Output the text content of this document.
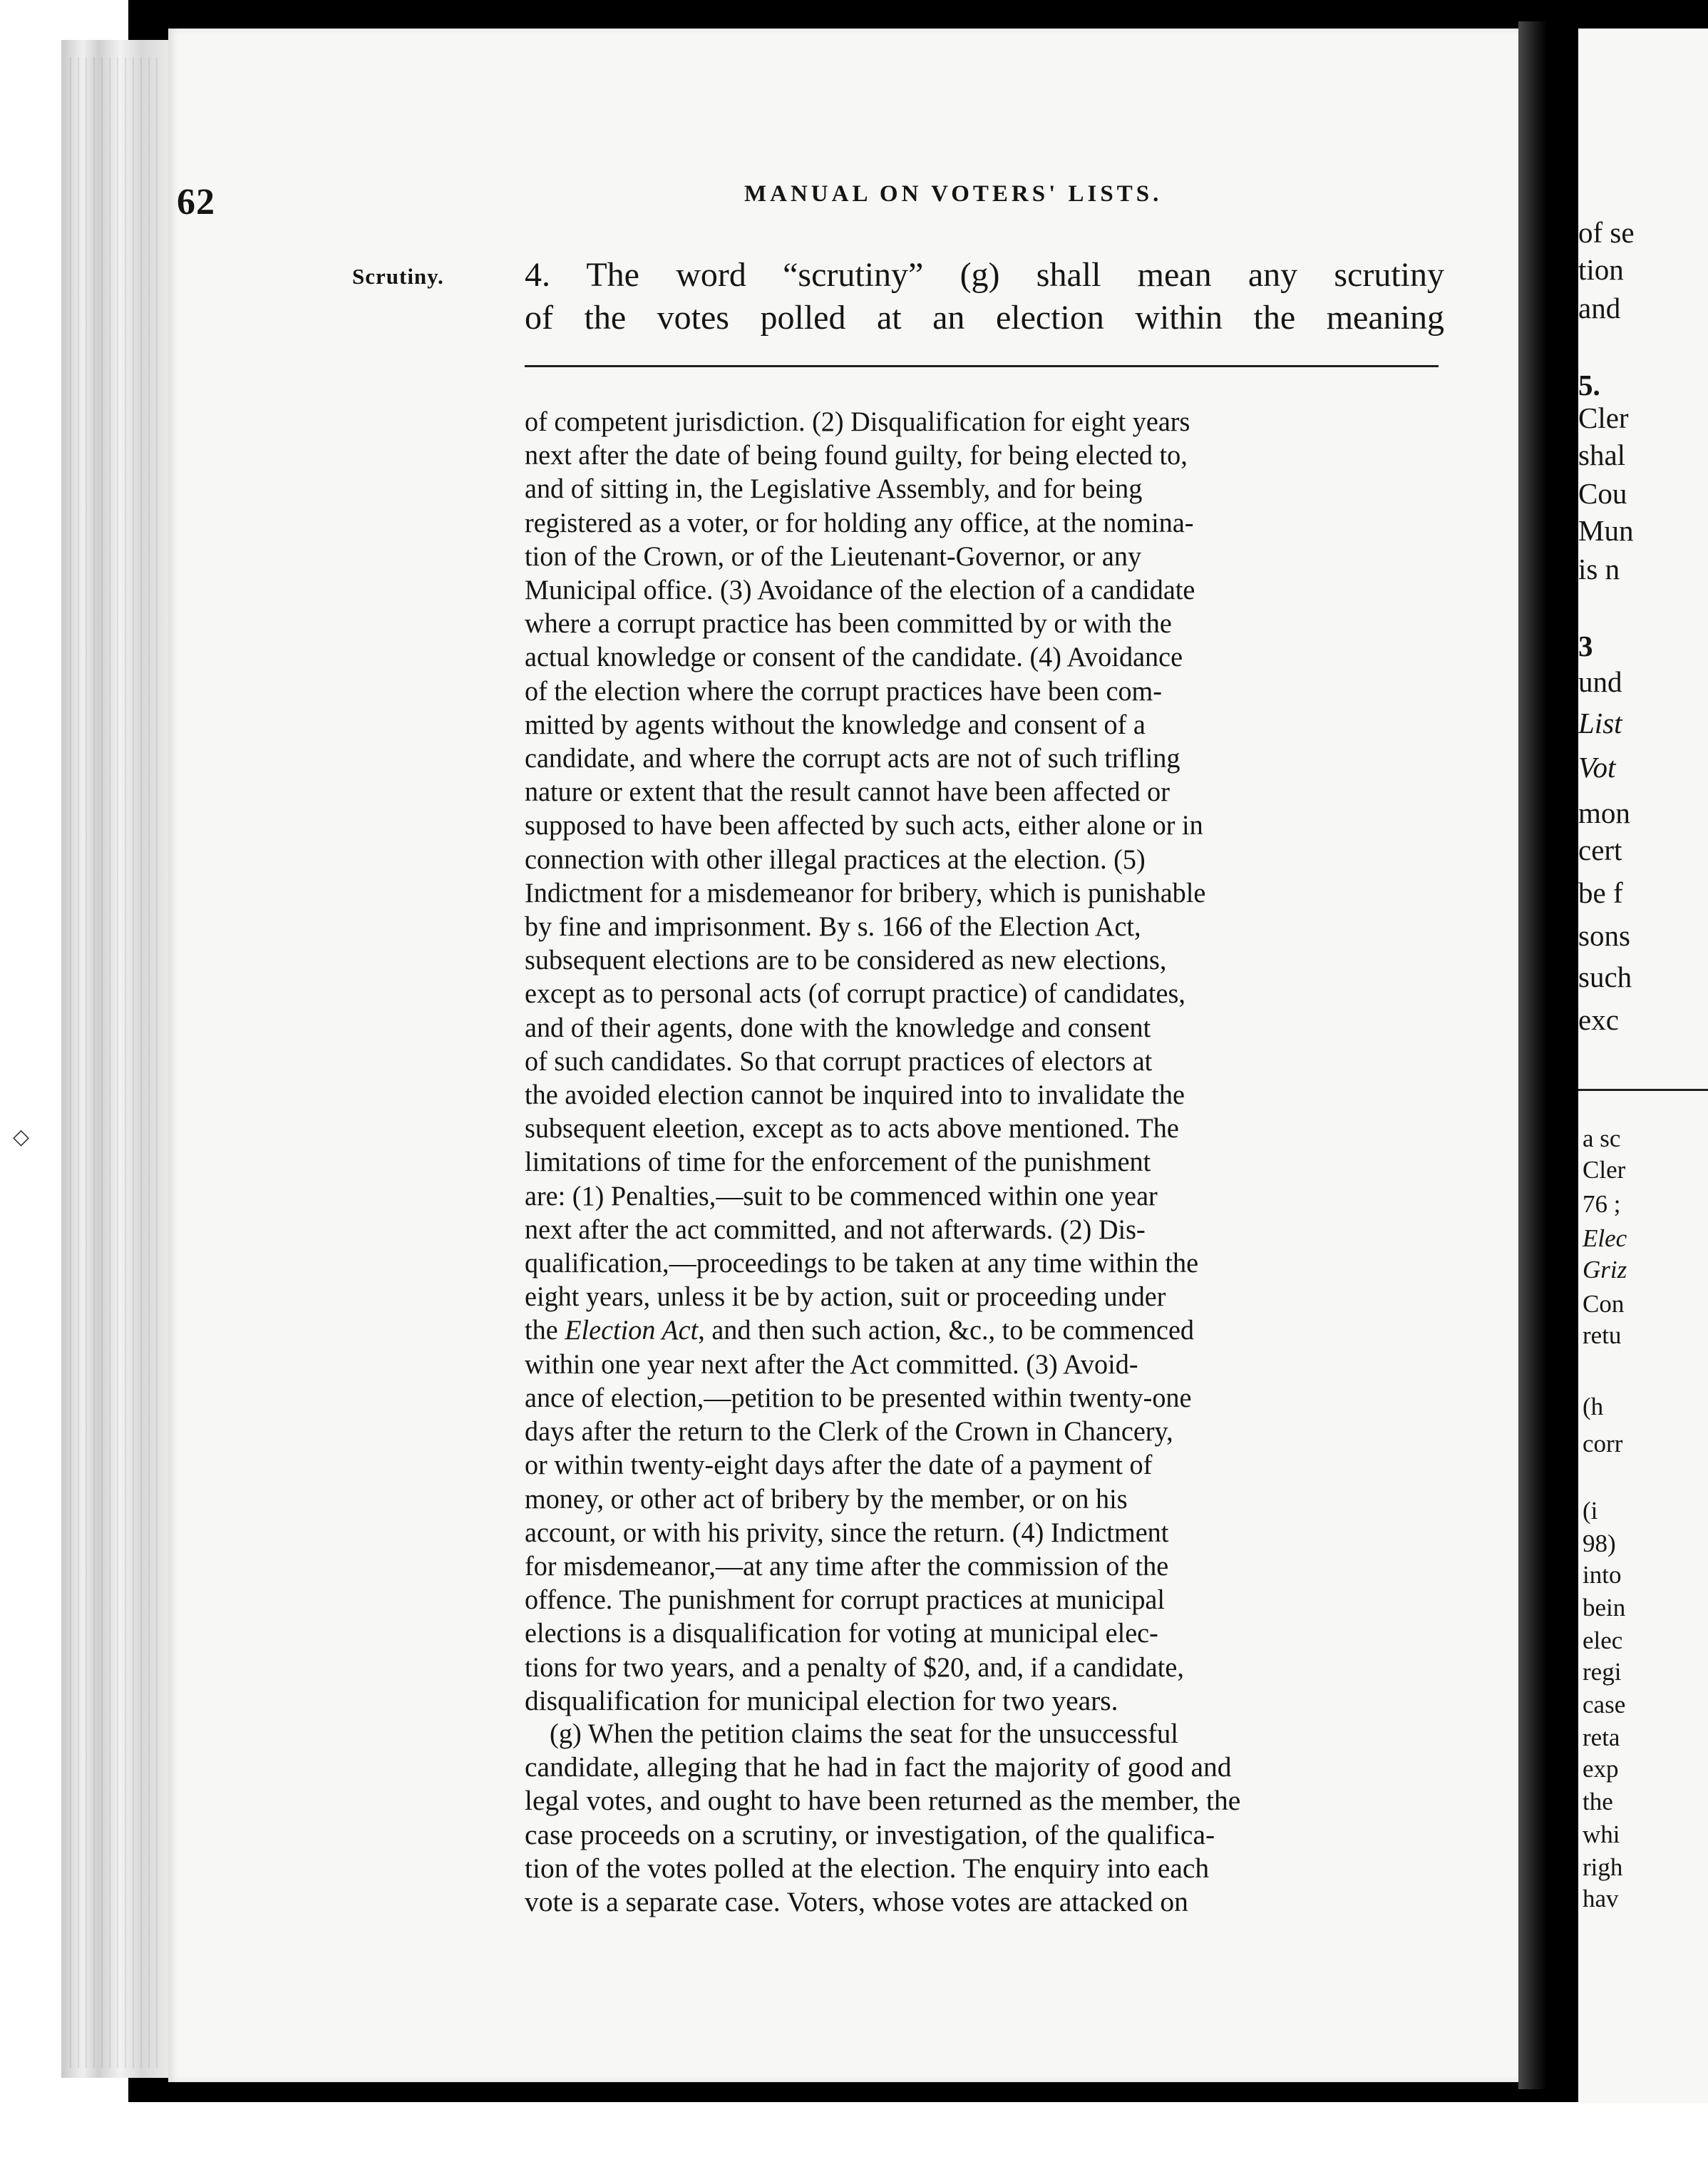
◇
62	MANUAL ON VOTERS' LISTS.
Scrutiny. 4. The word “scrutiny” (g) shall mean any scrutiny
of the votes polled at an election within the meaning
of competent jurisdiction. (2) Disqualification for eight years
next after the date of being found guilty, for being elected to,
and of sitting in, the Legislative Assembly, and for being
registered as a voter, or for holding any office, at the nomina-
tion of the Crown, or of the Lieutenant-Governor, or any
Municipal office. (3) Avoidance of the election of a candidate
where a corrupt practice has been committed by or with the
actual knowledge or consent of the candidate. (4) Avoidance
of the election where the corrupt practices have been com-
mitted by agents without the knowledge and consent of a
candidate, and where the corrupt acts are not of such trifling
nature or extent that the result cannot have been affected or
supposed to have been affected by such acts, either alone or in
connection with other illegal practices at the election. (5)
Indictment for a misdemeanor for bribery, which is punishable
by fine and imprisonment. By s. 166 of the Election Act,
subsequent elections are to be considered as new elections,
except as to personal acts (of corrupt practice) of candidates,
and of their agents, done with the knowledge and consent
of such candidates. So that corrupt practices of electors at
the avoided election cannot be inquired into to invalidate the
subsequent eleetion, except as to acts above mentioned. The
limitations of time for the enforcement of the punishment
are: (1) Penalties,—suit to be commenced within one year
next after the act committed, and not afterwards. (2) Dis-
qualification,—proceedings to be taken at any time within the
eight years, unless it be by action, suit or proceeding under
the Election Act, and then such action, &c., to be commenced
within one year next after the Act committed. (3) Avoid-
ance of election,—petition to be presented within twenty-one
days after the return to the Clerk of the Crown in Chancery,
or within twenty-eight days after the date of a payment of
money, or other act of bribery by the member, or on his
account, or with his privity, since the return. (4) Indictment
for misdemeanor,—at any time after the commission of the
offence. The punishment for corrupt practices at municipal
elections is a disqualification for voting at municipal elec-
tions for two years, and a penalty of $20, and, if a candidate,
disqualification for municipal election for two years.
(g) When the petition claims the seat for the unsuccessful
candidate, alleging that he had in fact the majority of good and
legal votes, and ought to have been returned as the member, the
case proceeds on a scrutiny, or investigation, of the qualifica-
tion of the votes polled at the election. The enquiry into each
vote is a separate case. Voters, whose votes are attacked on
of se
tion
and
5.
Cler
shal
Cou
Mun
is n
3
und
List
Vot
mon
cert
be f
sons
such
exc
a sc
Cler
76 ;
Elec
Griz
Con
retu
(h
corr
(i
98)
into
bein
elec
regi
case
reta
exp
the
whi
righ
hav
